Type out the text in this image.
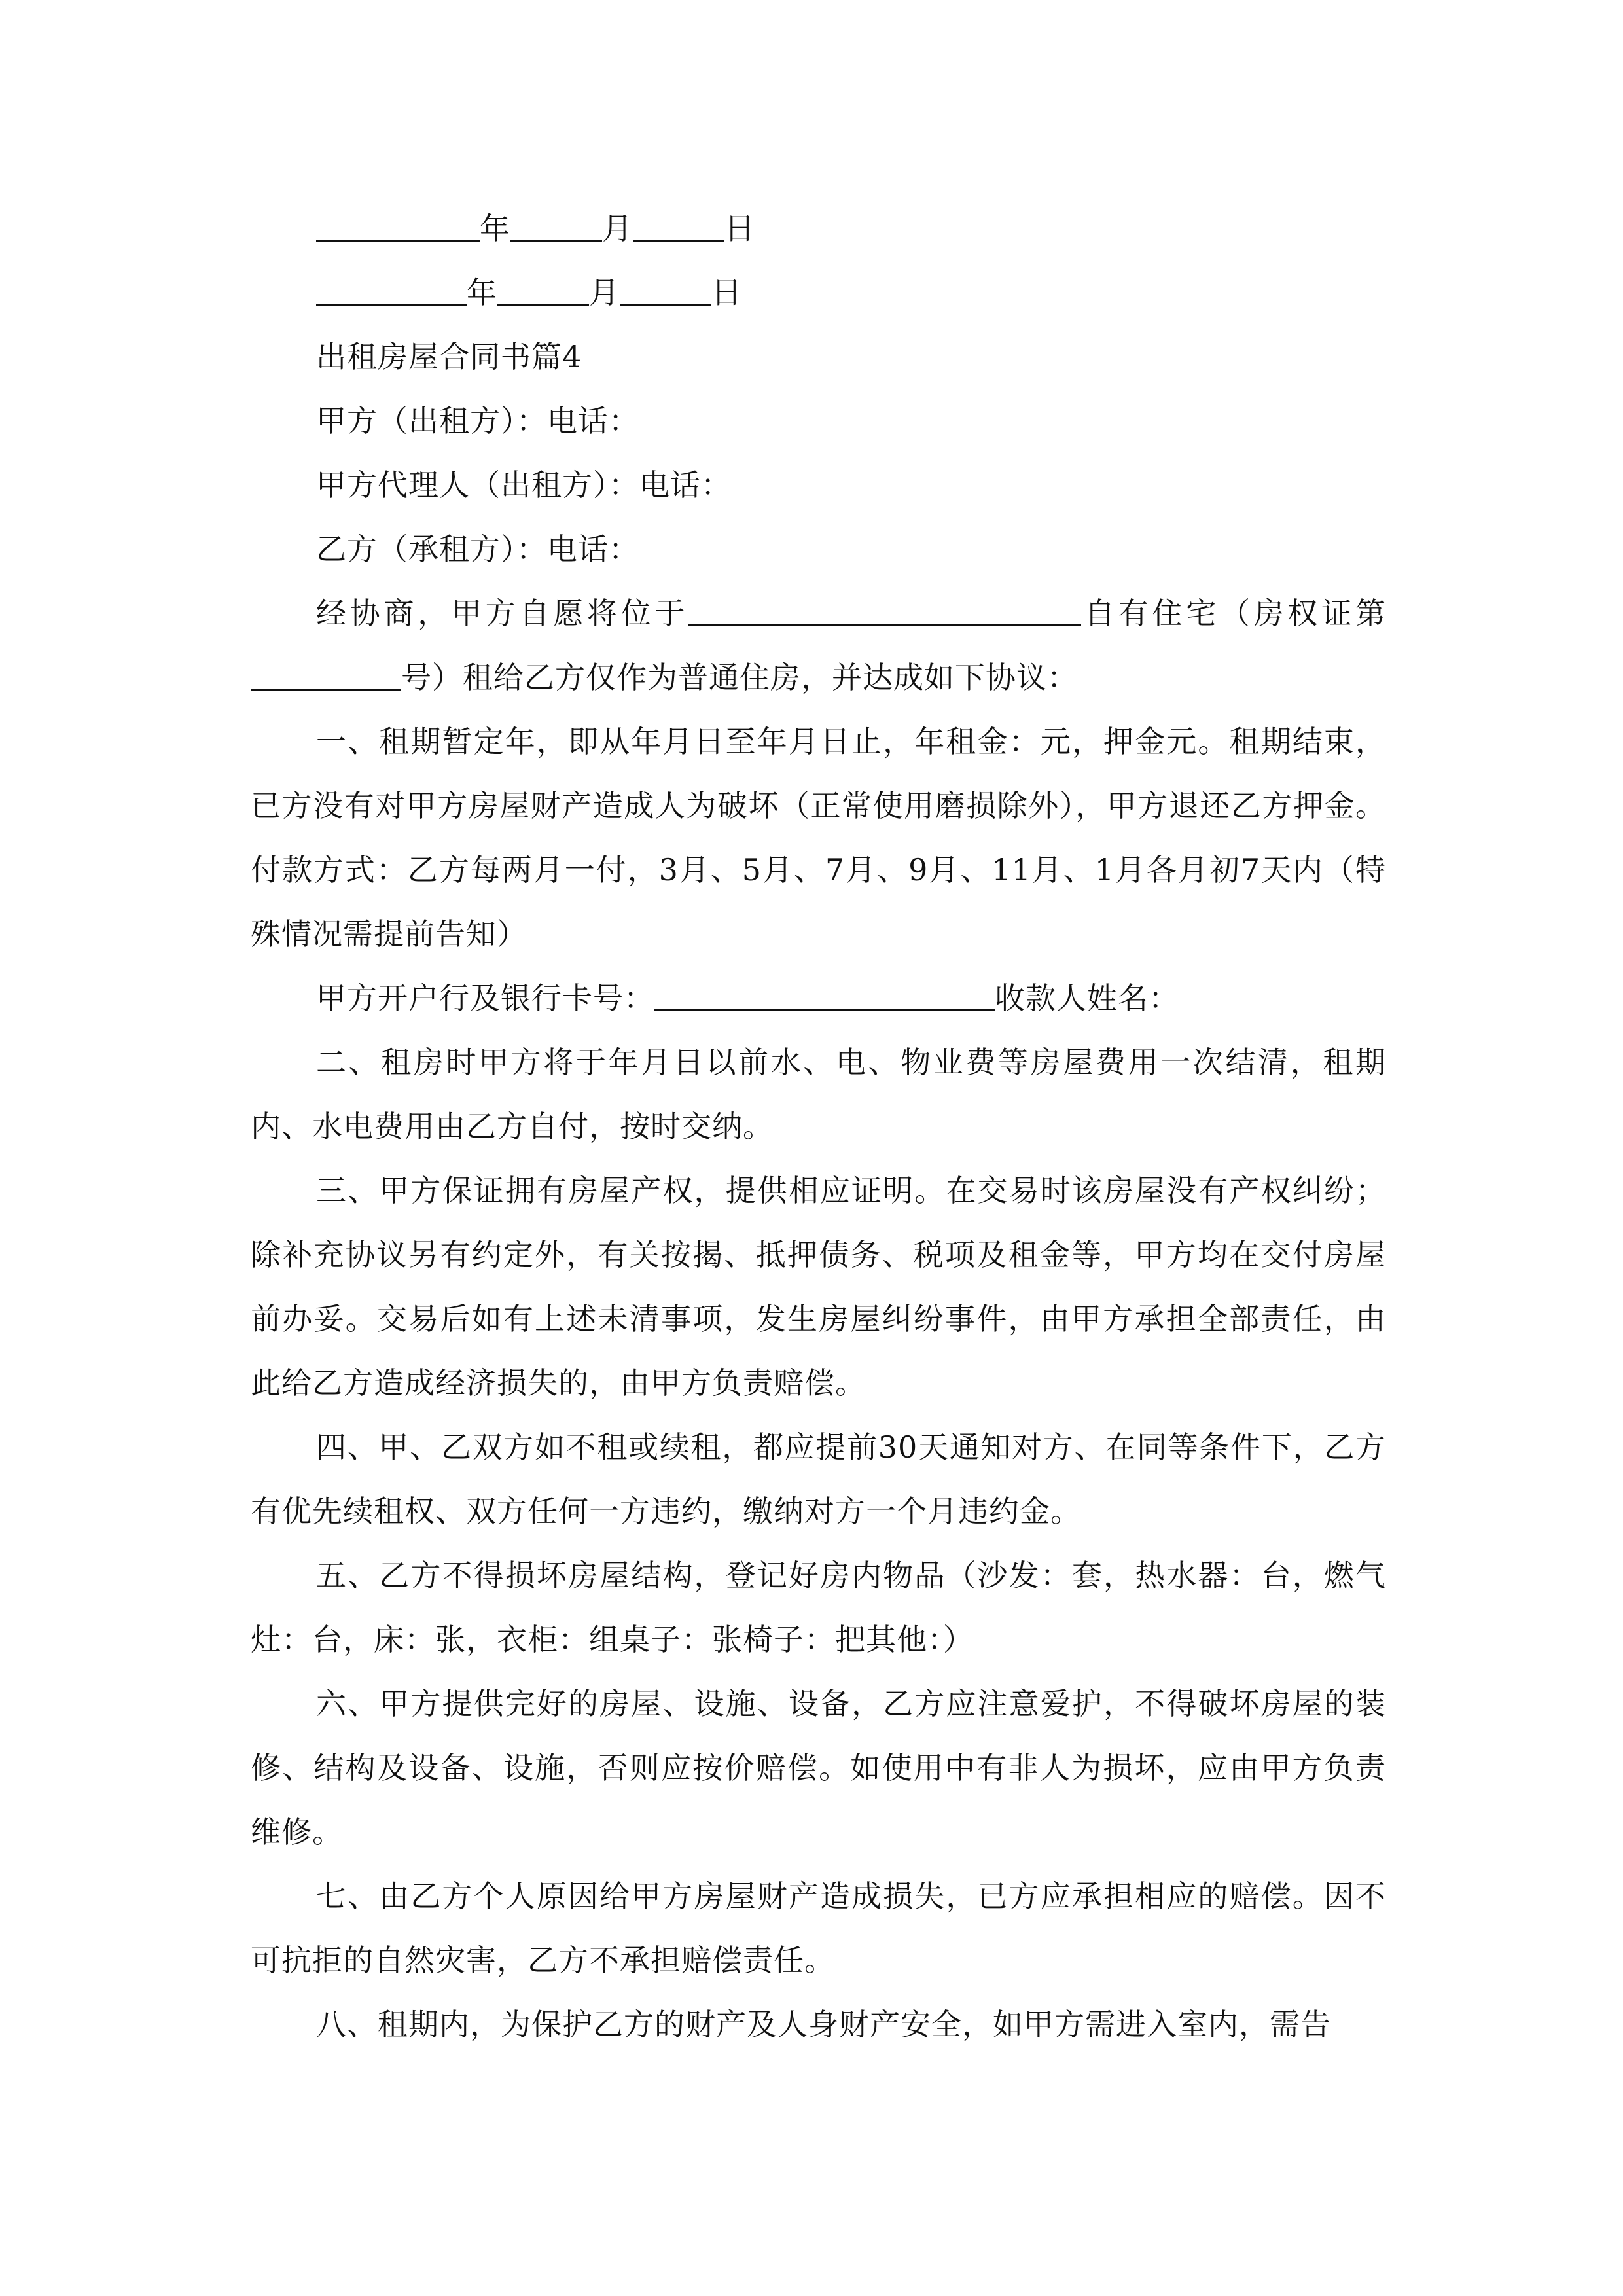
年	月	日
年	月	日
出租房屋合同书篇4
甲方（出租方）：电话：
甲方代理人（出租方）：电话：
乙方（承租方）：电话：
经协商，甲方自愿将位于	自有住宅（房权证第号）租给乙方仅作为普通住房，并达成如下协议：
一、租期暂定年，即从年月日至年月日止，年租金：元，押金元。租期结束，已方没有对甲方房屋财产造成人为破坏（正常使用磨损除外），甲方退还乙方押金。付款方式：乙方每两月一付，3月、5月、7月、9月、11月、1月各月初7天内（特殊情况需提前告知）
甲方开户行及银行卡号：	收款人姓名：
二、租房时甲方将于年月日以前水、电、物业费等房屋费用一次结清，租期内、水电费用由乙方自付，按时交纳。
三、甲方保证拥有房屋产权，提供相应证明。在交易时该房屋没有产权纠纷；除补充协议另有约定外，有关按揭、抵押债务、税项及租金等，甲方均在交付房屋前办妥。交易后如有上述未清事项，发生房屋纠纷事件，由甲方承担全部责任，由此给乙方造成经济损失的，由甲方负责赔偿。
四、甲、乙双方如不租或续租，都应提前30天通知对方、在同等条件下，乙方有优先续租权、双方任何一方违约，缴纳对方一个月违约金。
五、乙方不得损坏房屋结构，登记好房内物品（沙发：套，热水器：台，燃气灶：台，床：张，衣柜：组桌子：张椅子：把其他：）
六、甲方提供完好的房屋、设施、设备，乙方应注意爱护，不得破坏房屋的装修、结构及设备、设施，否则应按价赔偿。如使用中有非人为损坏，应由甲方负责维修。
七、由乙方个人原因给甲方房屋财产造成损失，已方应承担相应的赔偿。因不可抗拒的自然灾害，乙方不承担赔偿责任。
八、租期内，为保护乙方的财产及人身财产安全，如甲方需进入室内，需告
